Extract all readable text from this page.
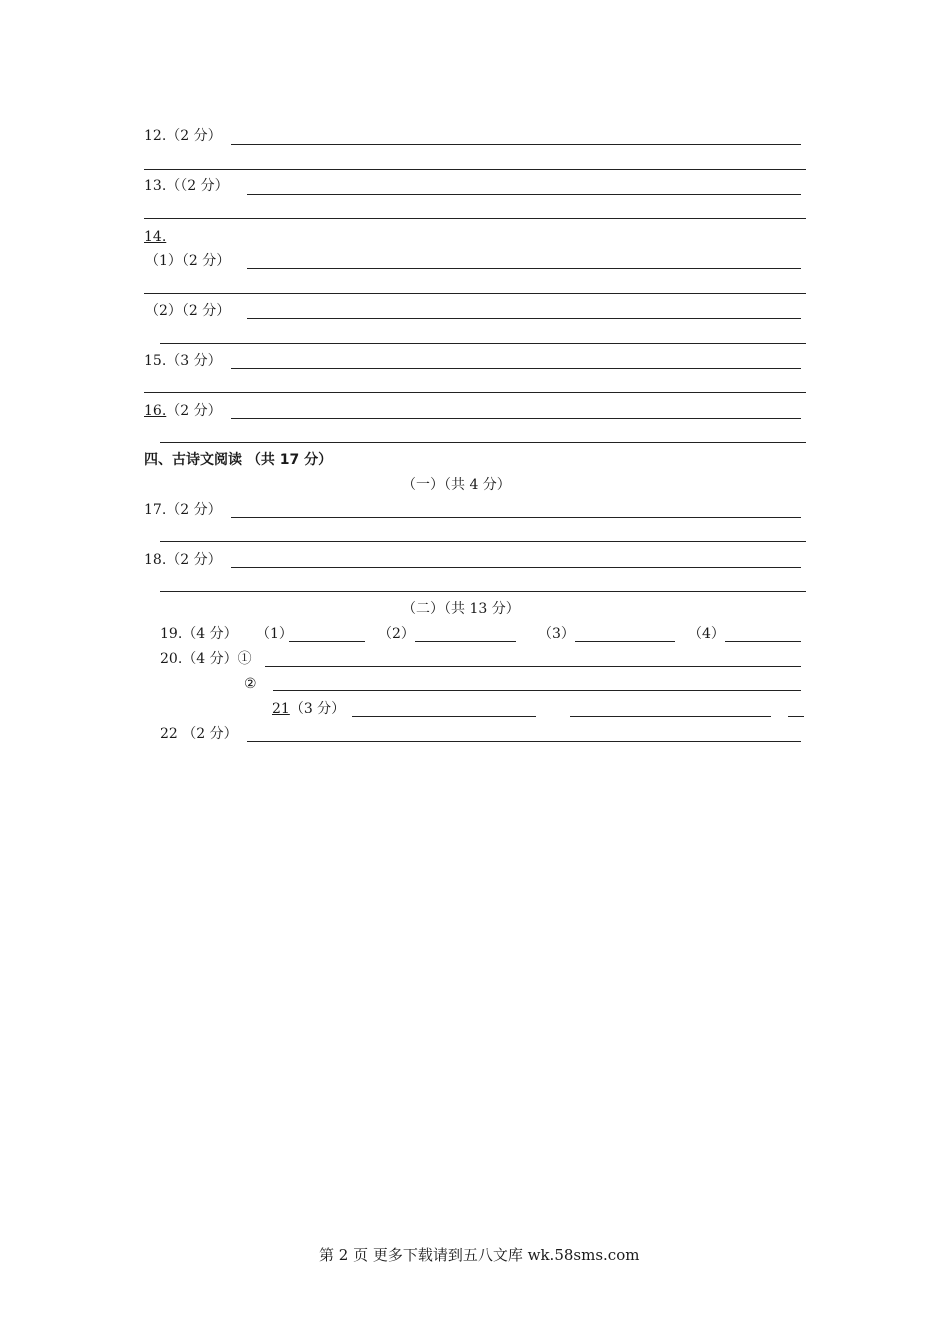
12.（2 分）
13.（（2 分）
14.
（1）（2 分）
（2）（2 分）
15.（3 分）
16.（2 分）
四、古诗文阅读 （共 17 分）
（一）（共 4 分）
17.（2 分）
18.（2 分）
（二）（共 13 分）
19.（4 分） （1）	（2）	（3）	（4）
20.（4 分）①
②
21（3 分）
22 （2 分）
第 2 页 更多下载请到五八文库 wk.58sms.com
